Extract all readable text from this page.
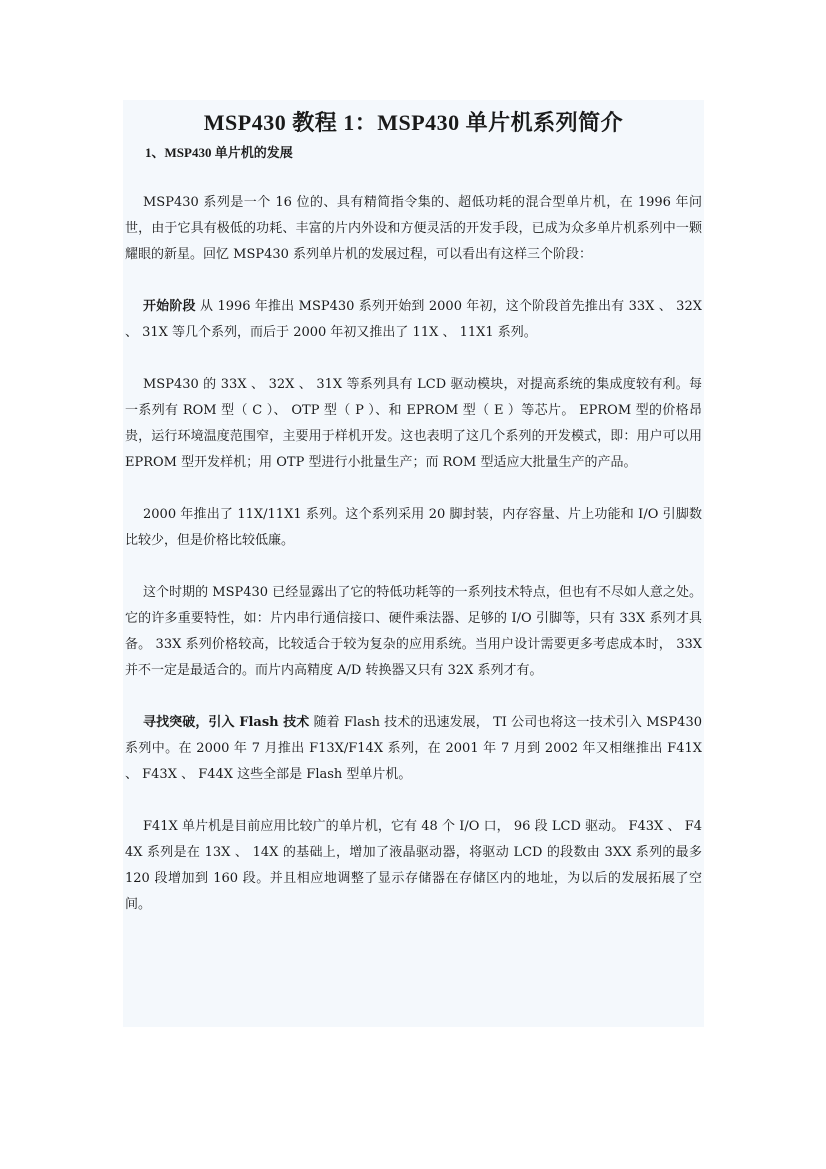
MSP430 教程 1：MSP430 单片机系列简介
1、MSP430 单片机的发展

MSP430 系列是一个 16 位的、具有精简指令集的、超低功耗的混合型单片机，在 1996 年问世，由于它具有极低的功耗、丰富的片内外设和方便灵活的开发手段，已成为众多单片机系列中一颗耀眼的新星。回忆 MSP430 系列单片机的发展过程，可以看出有这样三个阶段：

开始阶段 从 1996 年推出 MSP430 系列开始到 2000 年初，这个阶段首先推出有 33X 、 32X 、 31X 等几个系列，而后于 2000 年初又推出了 11X 、 11X1 系列。

MSP430 的 33X 、 32X 、 31X 等系列具有 LCD 驱动模块，对提高系统的集成度较有利。每一系列有 ROM 型（ C ）、 OTP 型（ P ）、和 EPROM 型（ E ）等芯片。 EPROM 型的价格昂贵，运行环境温度范围窄，主要用于样机开发。这也表明了这几个系列的开发模式，即：用户可以用 EPROM 型开发样机；用 OTP 型进行小批量生产；而 ROM 型适应大批量生产的产品。

2000 年推出了 11X/11X1 系列。这个系列采用 20 脚封装，内存容量、片上功能和 I/O 引脚数比较少，但是价格比较低廉。

这个时期的 MSP430 已经显露出了它的特低功耗等的一系列技术特点，但也有不尽如人意之处。它的许多重要特性，如：片内串行通信接口、硬件乘法器、足够的 I/O 引脚等，只有 33X 系列才具备。 33X 系列价格较高，比较适合于较为复杂的应用系统。当用户设计需要更多考虑成本时， 33X 并不一定是最适合的。而片内高精度 A/D 转换器又只有 32X 系列才有。

寻找突破，引入 Flash 技术 随着 Flash 技术的迅速发展， TI 公司也将这一技术引入 MSP430 系列中。在 2000 年 7 月推出 F13X/F14X 系列，在 2001 年 7 月到 2002 年又相继推出 F41X 、 F43X 、 F44X 这些全部是 Flash 型单片机。

F41X 单片机是目前应用比较广的单片机，它有 48 个 I/O 口， 96 段 LCD 驱动。 F43X 、 F44X 系列是在 13X 、 14X 的基础上，增加了液晶驱动器，将驱动 LCD 的段数由 3XX 系列的最多 120 段增加到 160 段。并且相应地调整了显示存储器在存储区内的地址，为以后的发展拓展了空间。
